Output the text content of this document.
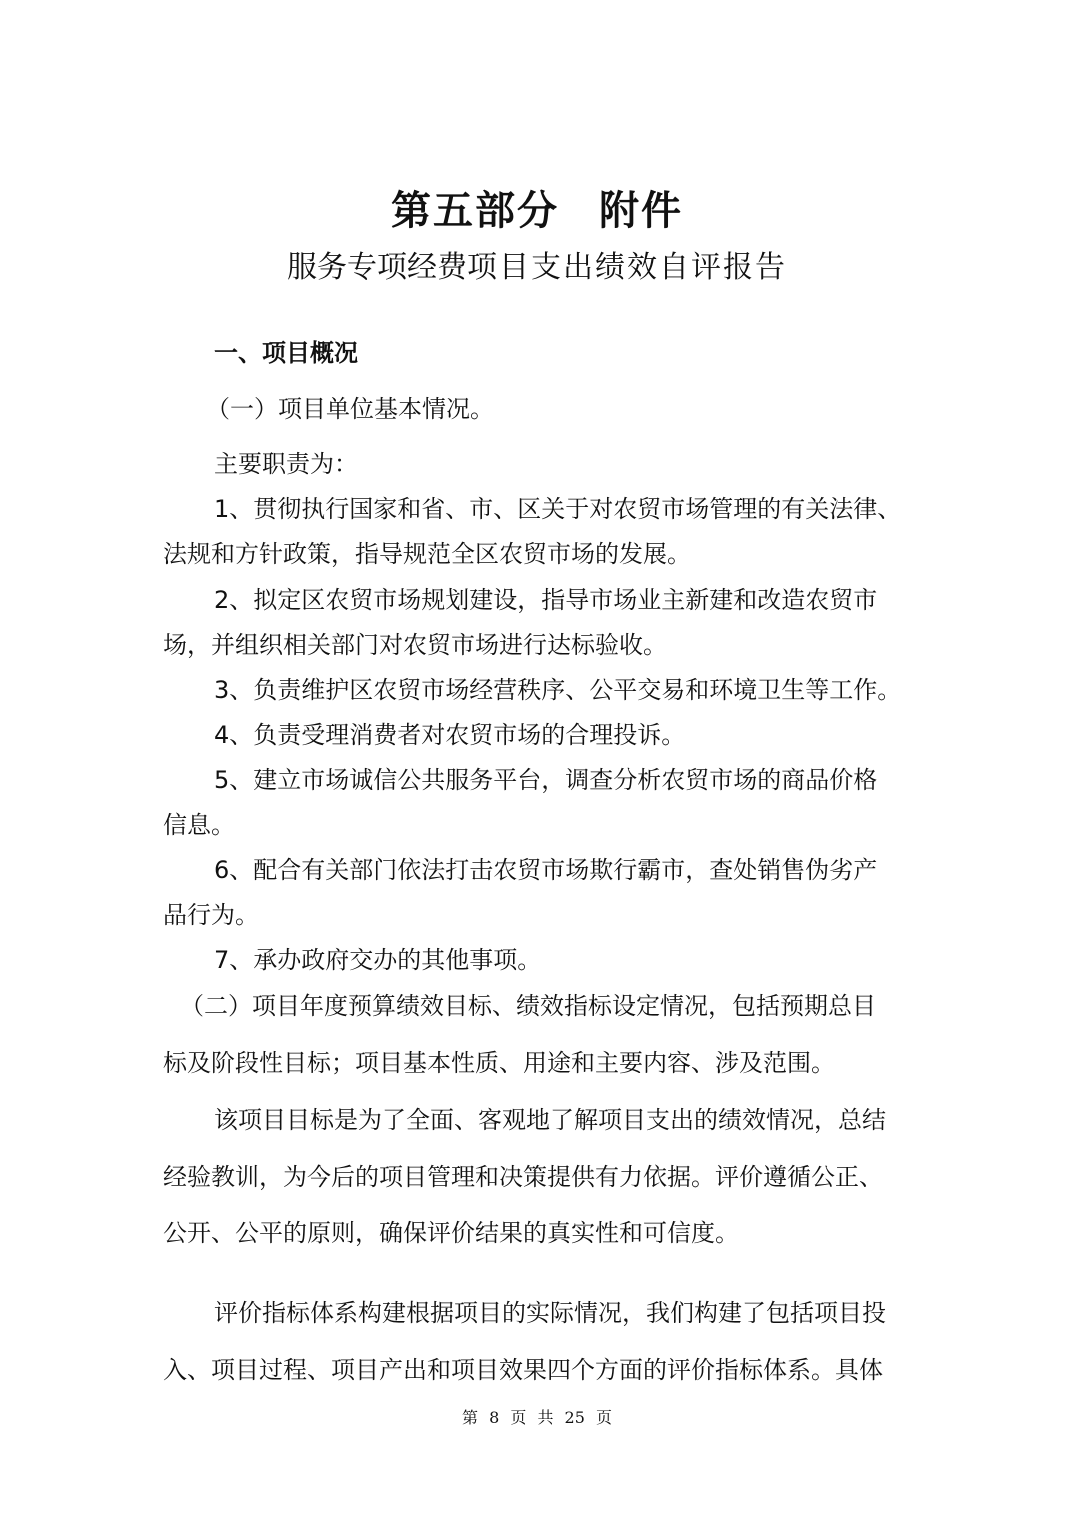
第五部分 附件
服务专项经费项目支出绩效自评报告
一、项目概况
（一）项目单位基本情况。
主要职责为：
1、贯彻执行国家和省、市、区关于对农贸市场管理的有关法律、
法规和方针政策，指导规范全区农贸市场的发展。
2、拟定区农贸市场规划建设，指导市场业主新建和改造农贸市
场，并组织相关部门对农贸市场进行达标验收。
3、负责维护区农贸市场经营秩序、公平交易和环境卫生等工作。
4、负责受理消费者对农贸市场的合理投诉。
5、建立市场诚信公共服务平台，调查分析农贸市场的商品价格
信息。
6、配合有关部门依法打击农贸市场欺行霸市，查处销售伪劣产
品行为。
7、承办政府交办的其他事项。
（二）项目年度预算绩效目标、绩效指标设定情况，包括预期总目
标及阶段性目标；项目基本性质、用途和主要内容、涉及范围。
该项目目标是为了全面、客观地了解项目支出的绩效情况，总结
经验教训，为今后的项目管理和决策提供有力依据。评价遵循公正、
公开、公平的原则，确保评价结果的真实性和可信度。
评价指标体系构建根据项目的实际情况，我们构建了包括项目投
入、项目过程、项目产出和项目效果四个方面的评价指标体系。具体
第 8 页 共 25 页
